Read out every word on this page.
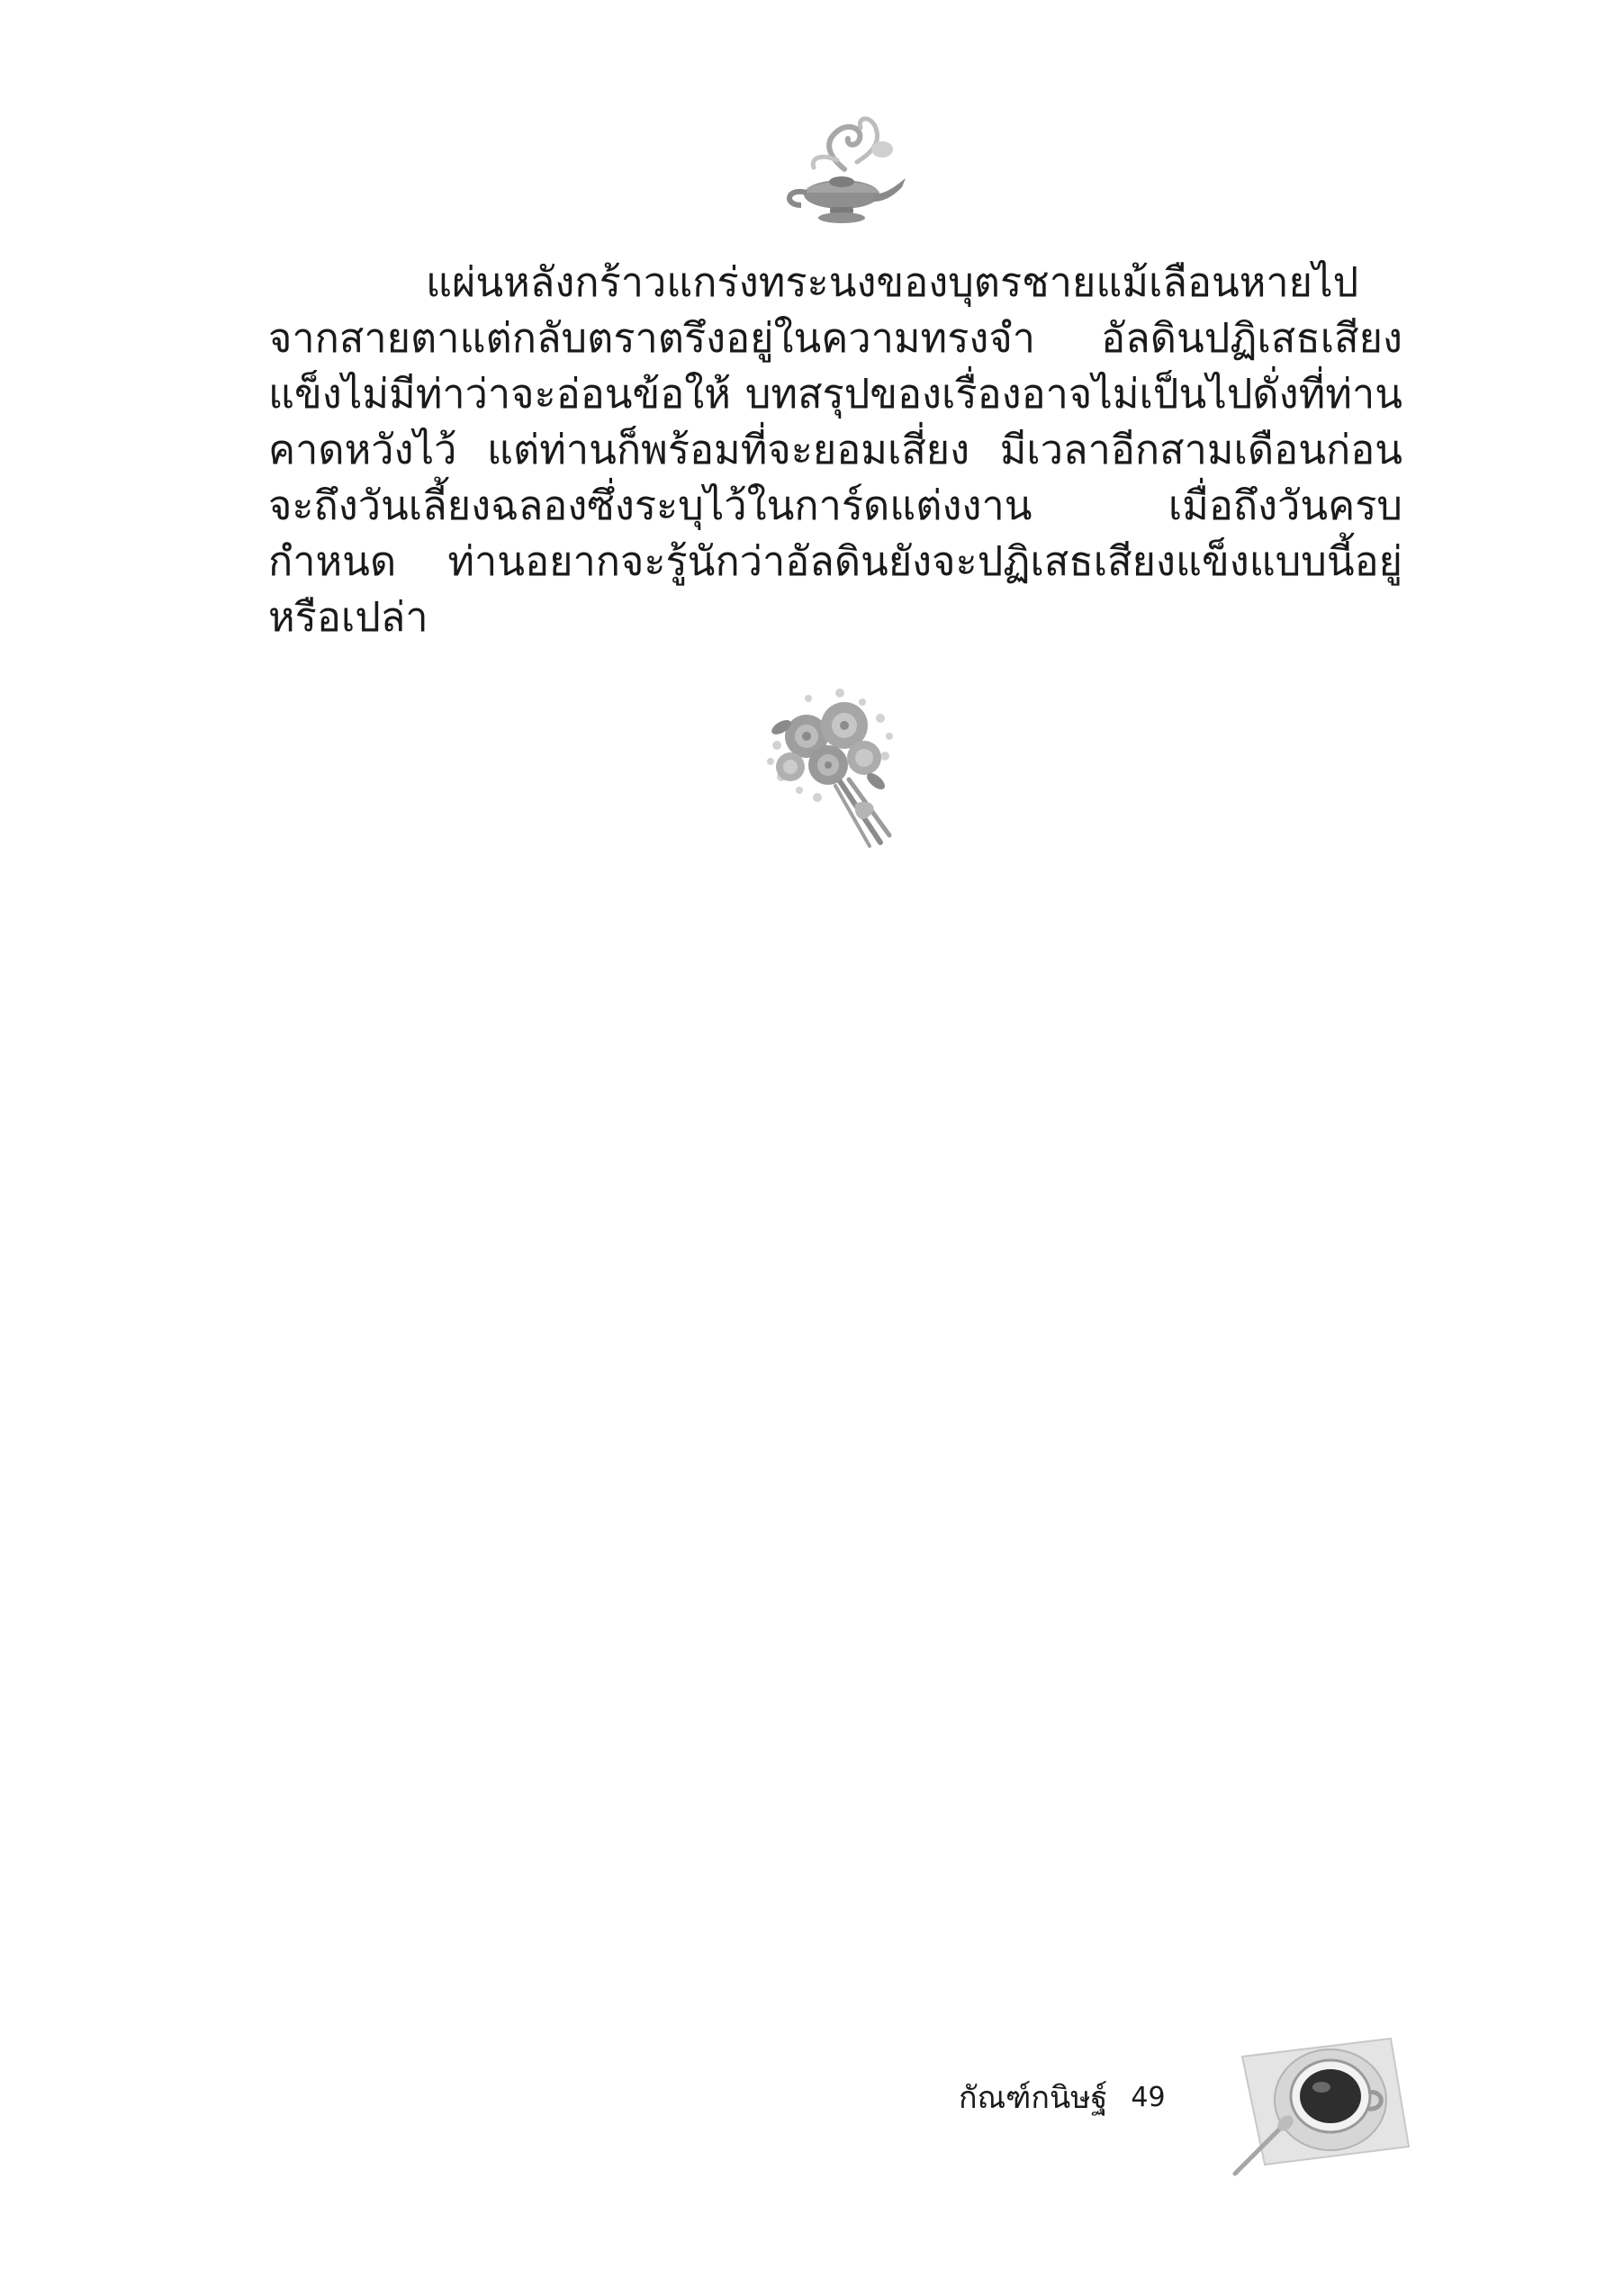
แผ่นหลังกร้าวแกร่งทระนงของบุตรชายแม้เลือนหายไปจากสายตาแต่กลับตราตรึงอยู่ในความทรงจำ อัลดินปฏิเสธเสียงแข็งไม่มีท่าว่าจะอ่อนข้อให้ บทสรุปของเรื่องอาจไม่เป็นไปดั่งที่ท่านคาดหวังไว้ แต่ท่านก็พร้อมที่จะยอมเสี่ยง มีเวลาอีกสามเดือนก่อนจะถึงวันเลี้ยงฉลองซึ่งระบุไว้ในการ์ดแต่งงาน เมื่อถึงวันครบกำหนด ท่านอยากจะรู้นักว่าอัลดินยังจะปฏิเสธเสียงแข็งแบบนี้อยู่หรือเปล่า

กัณฑ์กนิษฐ์ 49
